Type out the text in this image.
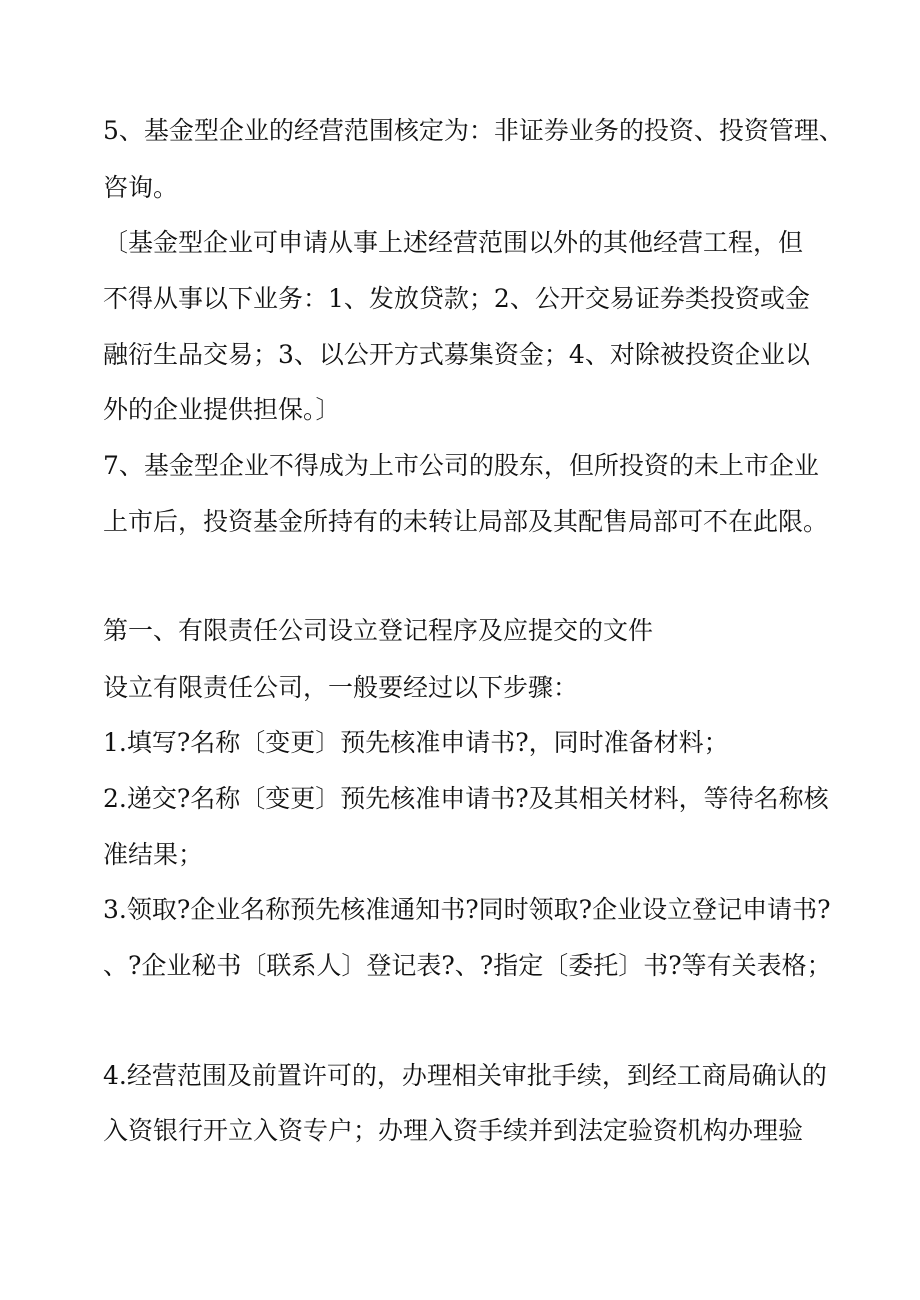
5、基金型企业的经营范围核定为：非证券业务的投资、投资管理、

咨询。

〔基金型企业可申请从事上述经营范围以外的其他经营工程，但

不得从事以下业务：1、发放贷款；2、公开交易证券类投资或金

融衍生品交易；3、以公开方式募集资金；4、对除被投资企业以

外的企业提供担保。〕

7、基金型企业不得成为上市公司的股东，但所投资的未上市企业

上市后，投资基金所持有的未转让局部及其配售局部可不在此限。

第一、有限责任公司设立登记程序及应提交的文件

设立有限责任公司，一般要经过以下步骤：

1.填写?名称〔变更〕预先核准申请书?，同时准备材料；

2.递交?名称〔变更〕预先核准申请书?及其相关材料，等待名称核

准结果；

3.领取?企业名称预先核准通知书?同时领取?企业设立登记申请书?

、?企业秘书〔联系人〕登记表?、?指定〔委托〕书?等有关表格；

4.经营范围及前置许可的，办理相关审批手续，到经工商局确认的

入资银行开立入资专户；办理入资手续并到法定验资机构办理验
